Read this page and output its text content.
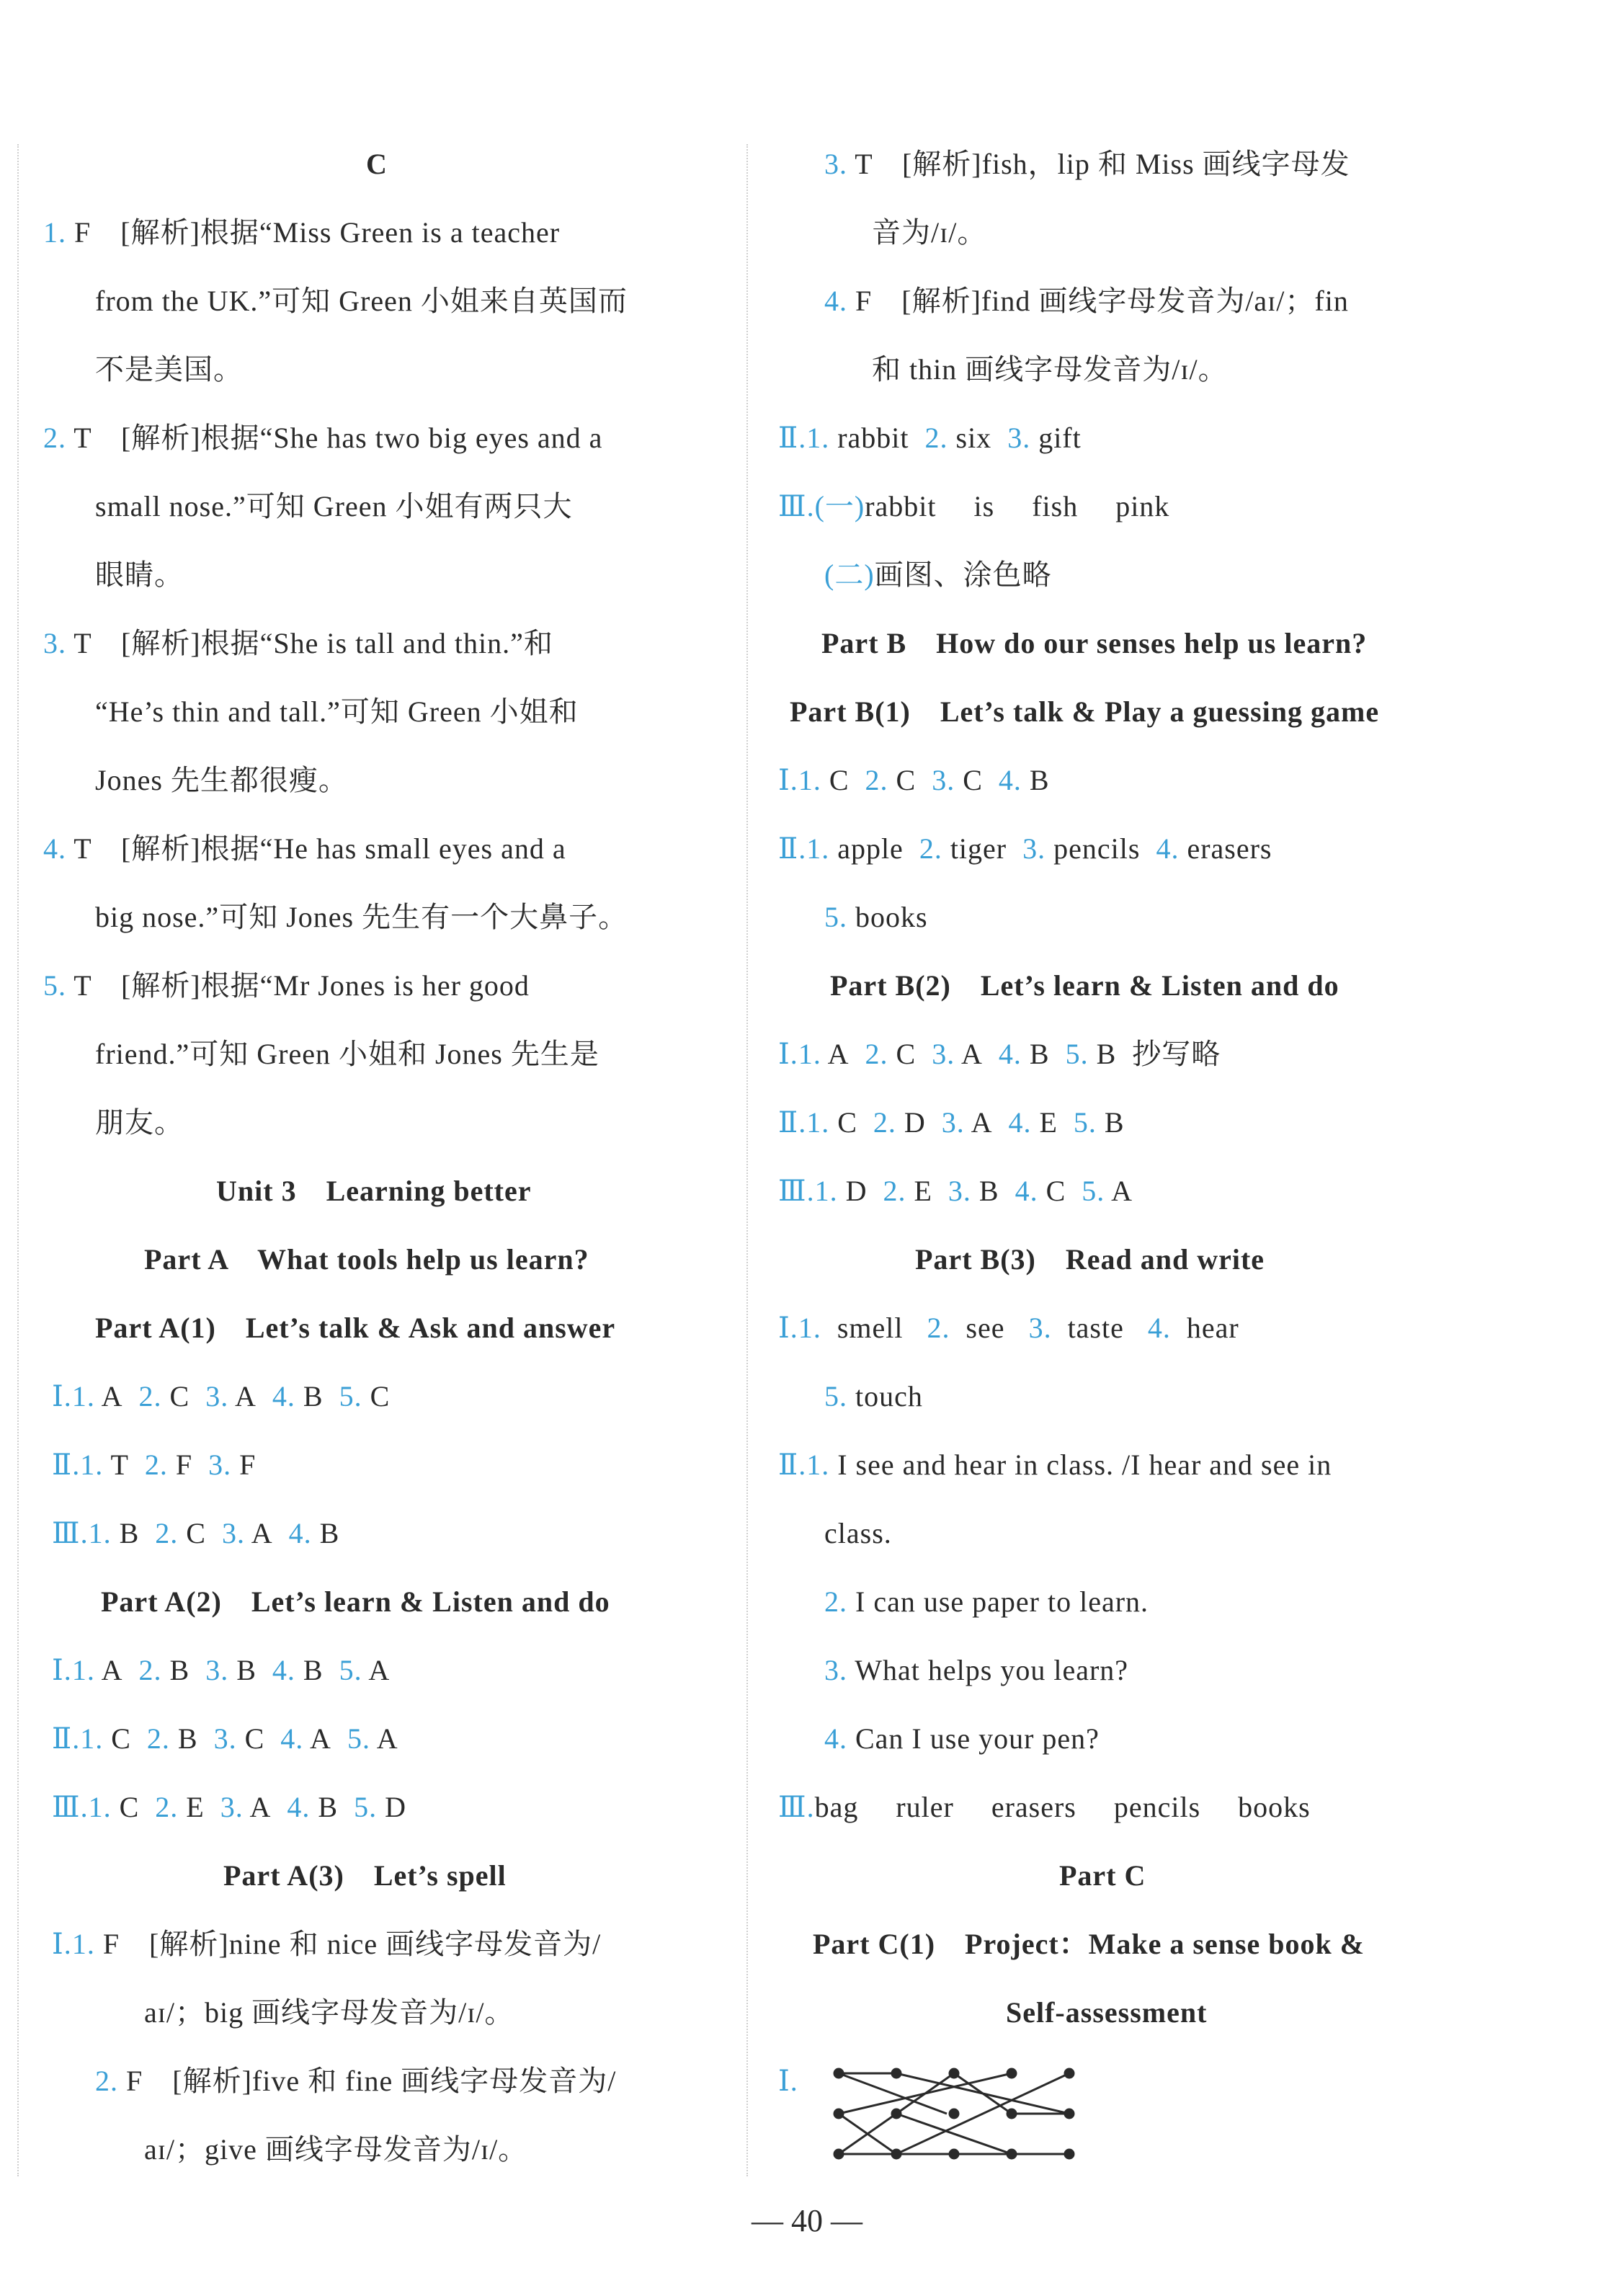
C
1. F　[解析]根据“Miss Green is a teacher
from the UK.”可知 Green 小姐来自英国而
不是美国。
2. T　[解析]根据“She has two big eyes and a
small nose.”可知 Green 小姐有两只大
眼睛。
3. T　[解析]根据“She is tall and thin.”和
“He’s thin and tall.”可知 Green 小姐和
Jones 先生都很瘦。
4. T　[解析]根据“He has small eyes and a
big nose.”可知 Jones 先生有一个大鼻子。
5. T　[解析]根据“Mr Jones is her good
friend.”可知 Green 小姐和 Jones 先生是
朋友。
Unit 3　Learning better
Part A　What tools help us learn?
Part A(1)　Let’s talk & Ask and answer
Ⅰ.1. A 2. C 3. A 4. B 5. C
Ⅱ.1. T 2. F 3. F
Ⅲ.1. B 2. C 3. A 4. B
Part A(2)　Let’s learn & Listen and do
Ⅰ.1. A 2. B 3. B 4. B 5. A
Ⅱ.1. C 2. B 3. C 4. A 5. A
Ⅲ.1. C 2. E 3. A 4. B 5. D
Part A(3)　Let’s spell
Ⅰ.1. F　[解析]nine 和 nice 画线字母发音为/
aɪ/；big 画线字母发音为/ɪ/。
2. F　[解析]five 和 fine 画线字母发音为/
aɪ/；give 画线字母发音为/ɪ/。
3. T　[解析]fish，lip 和 Miss 画线字母发
音为/ɪ/。
4. F　[解析]find 画线字母发音为/aɪ/；fin
和 thin 画线字母发音为/ɪ/。
Ⅱ.1. rabbit 2. six 3. gift
Ⅲ.(一)rabbit　 is　 fish　 pink
(二)画图、涂色略
Part B　How do our senses help us learn?
Part B(1)　Let’s talk & Play a guessing game
Ⅰ.1. C 2. C 3. C 4. B
Ⅱ.1. apple 2. tiger 3. pencils 4. erasers
5. books
Part B(2)　Let’s learn & Listen and do
Ⅰ.1. A 2. C 3. A 4. B 5. B 抄写略
Ⅱ.1. C 2. D 3. A 4. E 5. B
Ⅲ.1. D 2. E 3. B 4. C 5. A
Part B(3)　Read and write
Ⅰ.1. smell 2. see 3. taste 4. hear
5. touch
Ⅱ.1. I see and hear in class. /I hear and see in
class.
2. I can use paper to learn.
3. What helps you learn?
4. Can I use your pen?
Ⅲ.bag　 ruler　 erasers　 pencils　 books
Part C
Part C(1)　Project：Make a sense book &
Self-assessment
Ⅰ.
— 40 —
